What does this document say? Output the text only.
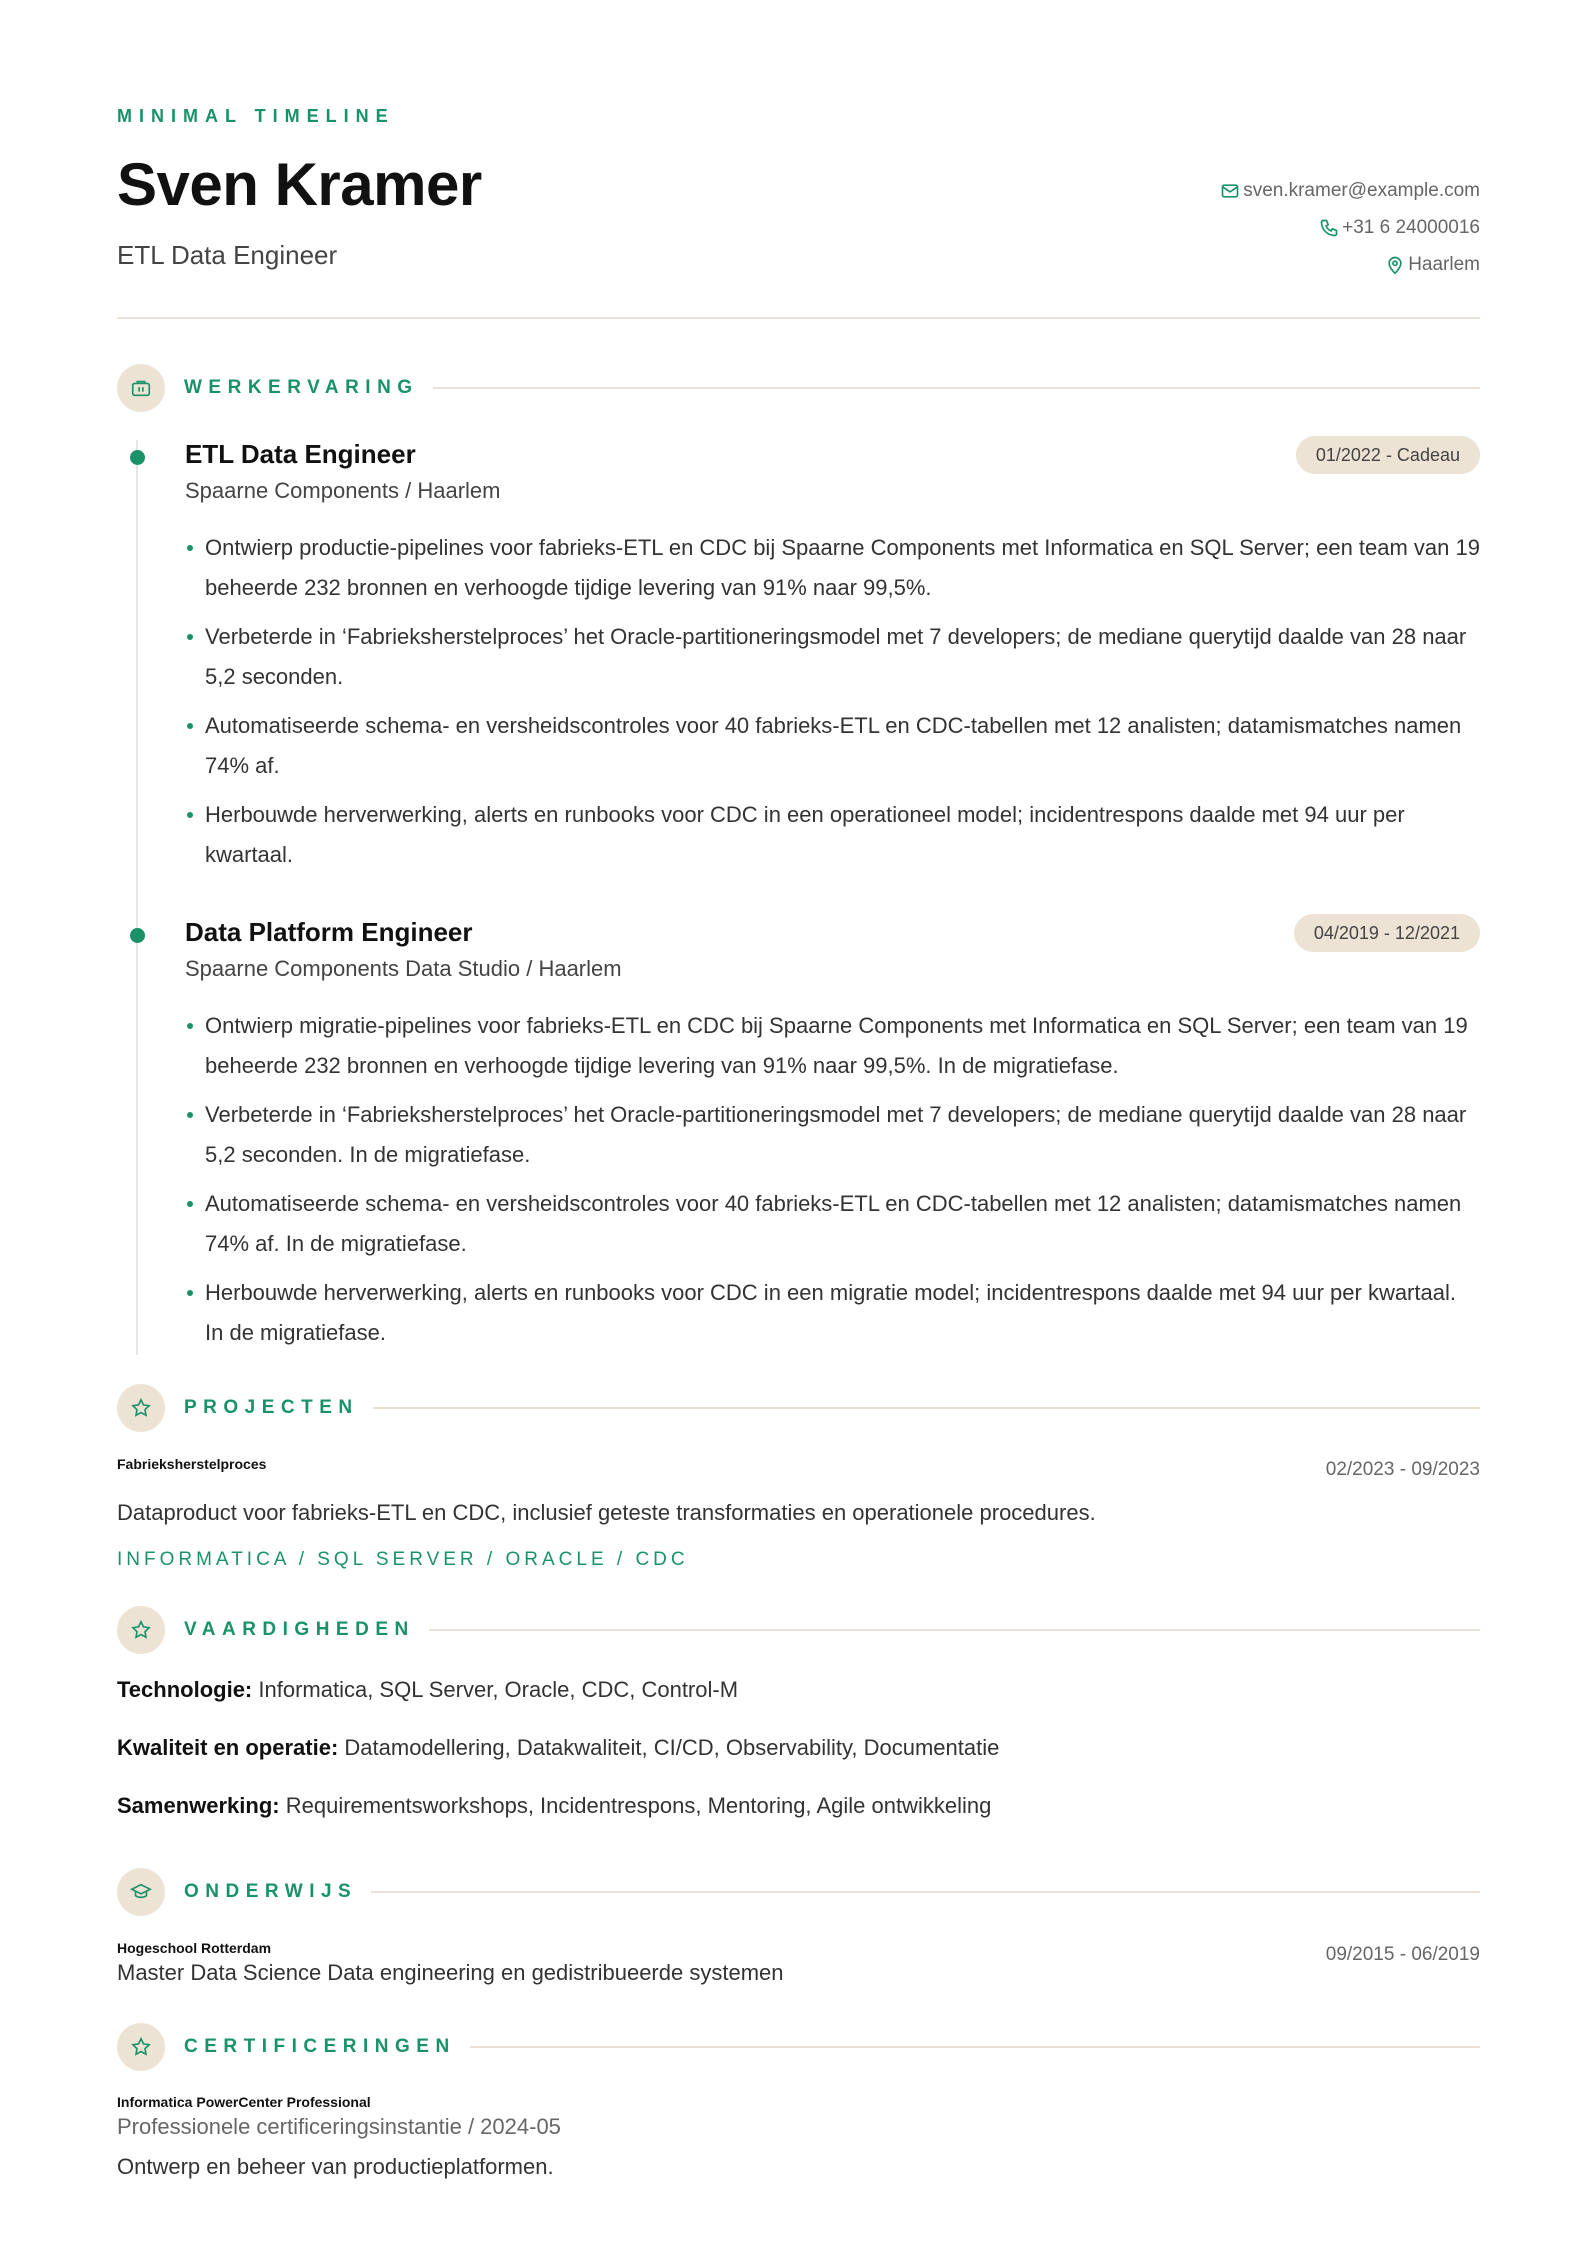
MINIMAL TIMELINE
Sven Kramer
ETL Data Engineer
sven.kramer@example.com
+31 6 24000016
Haarlem
WERKERVARING
ETL Data Engineer
Spaarne Components / Haarlem
01/2022 - Cadeau
Ontwierp productie-pipelines voor fabrieks-ETL en CDC bij Spaarne Components met Informatica en SQL Server; een team van 19 beheerde 232 bronnen en verhoogde tijdige levering van 91% naar 99,5%.
Verbeterde in ‘Fabrieksherstelproces’ het Oracle-partitioneringsmodel met 7 developers; de mediane querytijd daalde van 28 naar 5,2 seconden.
Automatiseerde schema- en versheidscontroles voor 40 fabrieks-ETL en CDC-tabellen met 12 analisten; datamismatches namen 74% af.
Herbouwde herverwerking, alerts en runbooks voor CDC in een operationeel model; incidentrespons daalde met 94 uur per kwartaal.
Data Platform Engineer
Spaarne Components Data Studio / Haarlem
04/2019 - 12/2021
Ontwierp migratie-pipelines voor fabrieks-ETL en CDC bij Spaarne Components met Informatica en SQL Server; een team van 19 beheerde 232 bronnen en verhoogde tijdige levering van 91% naar 99,5%. In de migratiefase.
Verbeterde in ‘Fabrieksherstelproces’ het Oracle-partitioneringsmodel met 7 developers; de mediane querytijd daalde van 28 naar 5,2 seconden. In de migratiefase.
Automatiseerde schema- en versheidscontroles voor 40 fabrieks-ETL en CDC-tabellen met 12 analisten; datamismatches namen 74% af. In de migratiefase.
Herbouwde herverwerking, alerts en runbooks voor CDC in een migratie model; incidentrespons daalde met 94 uur per kwartaal. In de migratiefase.
PROJECTEN
Fabrieksherstelproces	02/2023 - 09/2023
Dataproduct voor fabrieks-ETL en CDC, inclusief geteste transformaties en operationele procedures.
INFORMATICA / SQL SERVER / ORACLE / CDC
VAARDIGHEDEN
Technologie: Informatica, SQL Server, Oracle, CDC, Control-M
Kwaliteit en operatie: Datamodellering, Datakwaliteit, CI/CD, Observability, Documentatie
Samenwerking: Requirementsworkshops, Incidentrespons, Mentoring, Agile ontwikkeling
ONDERWIJS
Hogeschool Rotterdam	09/2015 - 06/2019
Master Data Science Data engineering en gedistribueerde systemen
CERTIFICERINGEN
Informatica PowerCenter Professional
Professionele certificeringsinstantie / 2024-05
Ontwerp en beheer van productieplatformen.
